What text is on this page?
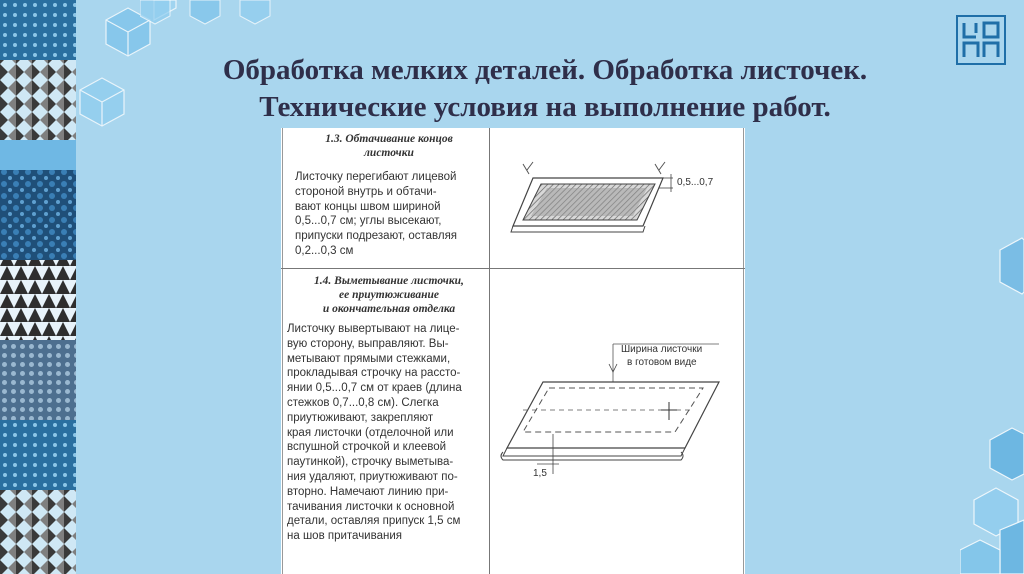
Обработка мелких деталей. Обработка листочек.
Технические условия на выполнение работ.
1.3. Обтачивание концов
листочки
Листочку перегибают лицевой
стороной внутрь и обтачи-
вают концы швом шириной
0,5...0,7 см; углы высекают,
припуски подрезают, оставляя
0,2...0,3 см
0,5...0,7
1.4. Выметывание листочки,
ее приутюживание
и окончательная отделка
Листочку вывертывают на лице-
вую сторону, выправляют. Вы-
метывают прямыми стежками,
прокладывая строчку на рассто-
янии 0,5...0,7 см от краев (длина
стежков 0,7...0,8 см). Слегка
приутюживают, закрепляют
края листочки (отделочной или
вспушной строчкой и клеевой
паутинкой), строчку выметыва-
ния удаляют, приутюживают по-
вторно. Намечают линию при-
тачивания листочки к основной
детали, оставляя припуск 1,5 см
на шов притачивания
Ширина листочки
в готовом виде
1,5
